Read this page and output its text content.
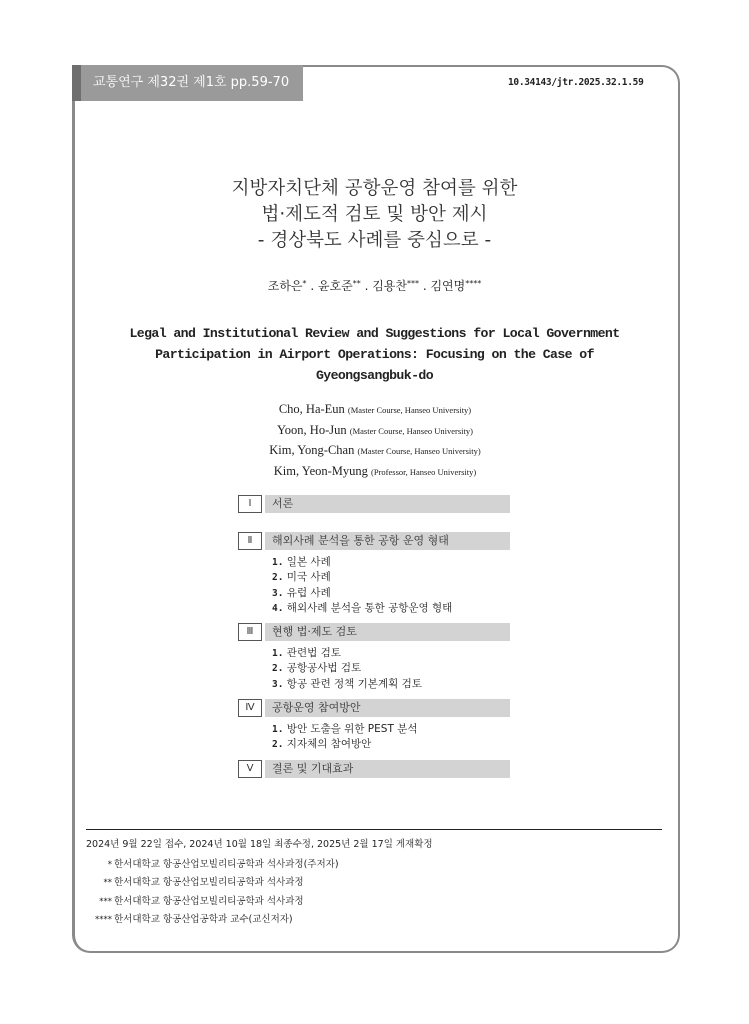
교통연구 제32권 제1호 pp.59-70	10.34143/jtr.2025.32.1.59
지방자치단체 공항운영 참여를 위한
법·제도적 검토 및 방안 제시
- 경상북도 사례를 중심으로 -
조하은* . 윤호준** . 김용찬*** . 김연명****
Legal and Institutional Review and Suggestions for Local Government
Participation in Airport Operations: Focusing on the Case of
Gyeongsangbuk-do
Cho, Ha-Eun (Master Course, Hanseo University)
Yoon, Ho-Jun (Master Course, Hanseo University)
Kim, Yong-Chan (Master Course, Hanseo University)
Kim, Yeon-Myung (Professor, Hanseo University)
Ⅰ	서론
Ⅱ	해외사례 분석을 통한 공항 운영 형태
1. 일본 사례
2. 미국 사례
3. 유럽 사례
4. 해외사례 분석을 통한 공항운영 형태
Ⅲ	현행 법·제도 검토
1. 관련법 검토
2. 공항공사법 검토
3. 항공 관련 정책 기본계획 검토
Ⅳ	공항운영 참여방안
1. 방안 도출을 위한 PEST 분석
2. 지자체의 참여방안
Ⅴ	결론 및 기대효과
2024년 9월 22일 접수, 2024년 10월 18일 최종수정, 2025년 2월 17일 게재확정
* 한서대학교 항공산업모빌리티공학과 석사과정(주저자)
** 한서대학교 항공산업모빌리티공학과 석사과정
*** 한서대학교 항공산업모빌리티공학과 석사과정
**** 한서대학교 항공산업공학과 교수(교신저자)
